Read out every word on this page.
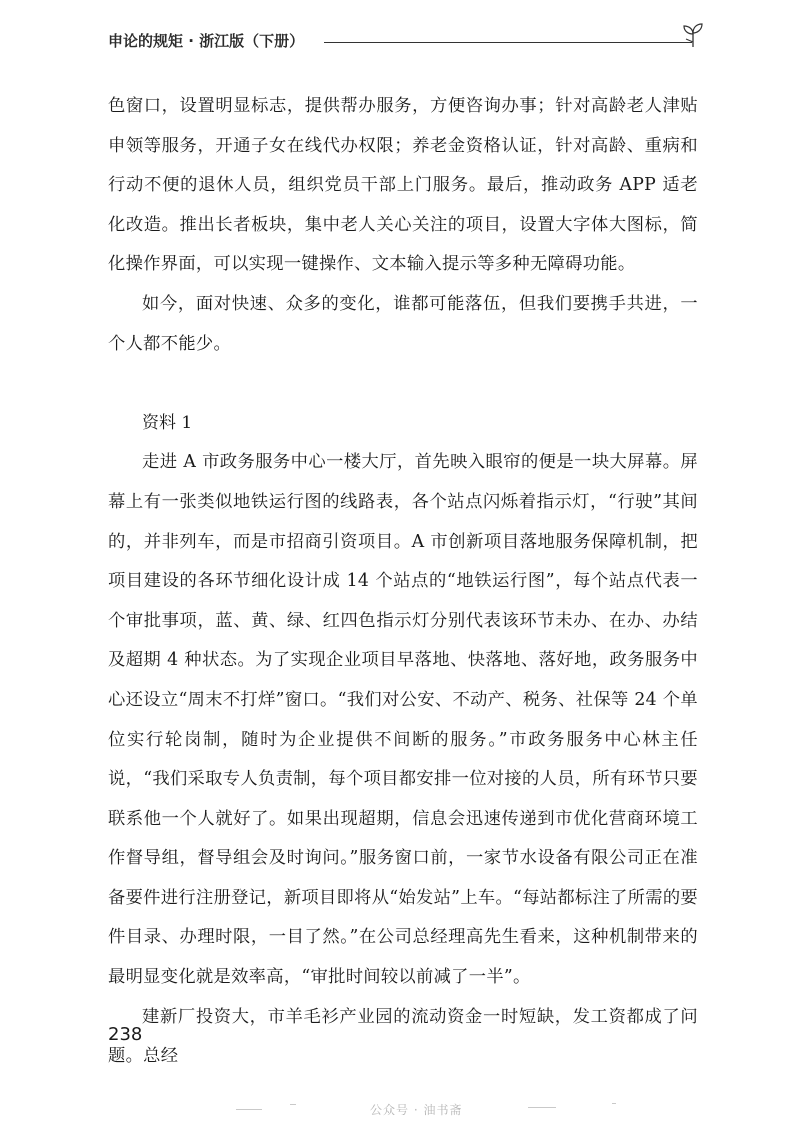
申论的规矩 · 浙江版（下册）

色窗口，设置明显标志，提供帮办服务，方便咨询办事；针对高龄老人津贴申领等服务，开通子女在线代办权限；养老金资格认证，针对高龄、重病和行动不便的退休人员，组织党员干部上门服务。最后，推动政务 APP 适老化改造。推出长者板块，集中老人关心关注的项目，设置大字体大图标，简化操作界面，可以实现一键操作、文本输入提示等多种无障碍功能。

如今，面对快速、众多的变化，谁都可能落伍，但我们要携手共进，一个人都不能少。

资料 1

走进 A 市政务服务中心一楼大厅，首先映入眼帘的便是一块大屏幕。屏幕上有一张类似地铁运行图的线路表，各个站点闪烁着指示灯，“行驶”其间的，并非列车，而是市招商引资项目。A 市创新项目落地服务保障机制，把项目建设的各环节细化设计成 14 个站点的“地铁运行图”，每个站点代表一个审批事项，蓝、黄、绿、红四色指示灯分别代表该环节未办、在办、办结及超期 4 种状态。为了实现企业项目早落地、快落地、落好地，政务服务中心还设立“周末不打烊”窗口。“我们对公安、不动产、税务、社保等 24 个单位实行轮岗制，随时为企业提供不间断的服务。”市政务服务中心林主任说，“我们采取专人负责制，每个项目都安排一位对接的人员，所有环节只要联系他一个人就好了。如果出现超期，信息会迅速传递到市优化营商环境工作督导组，督导组会及时询问。”服务窗口前，一家节水设备有限公司正在准备要件进行注册登记，新项目即将从“始发站”上车。“每站都标注了所需的要件目录、办理时限，一目了然。”在公司总经理高先生看来，这种机制带来的最明显变化就是效率高，“审批时间较以前减了一半”。

建新厂投资大，市羊毛衫产业园的流动资金一时短缺，发工资都成了问题。总经

238
公众号 · 油书斋
